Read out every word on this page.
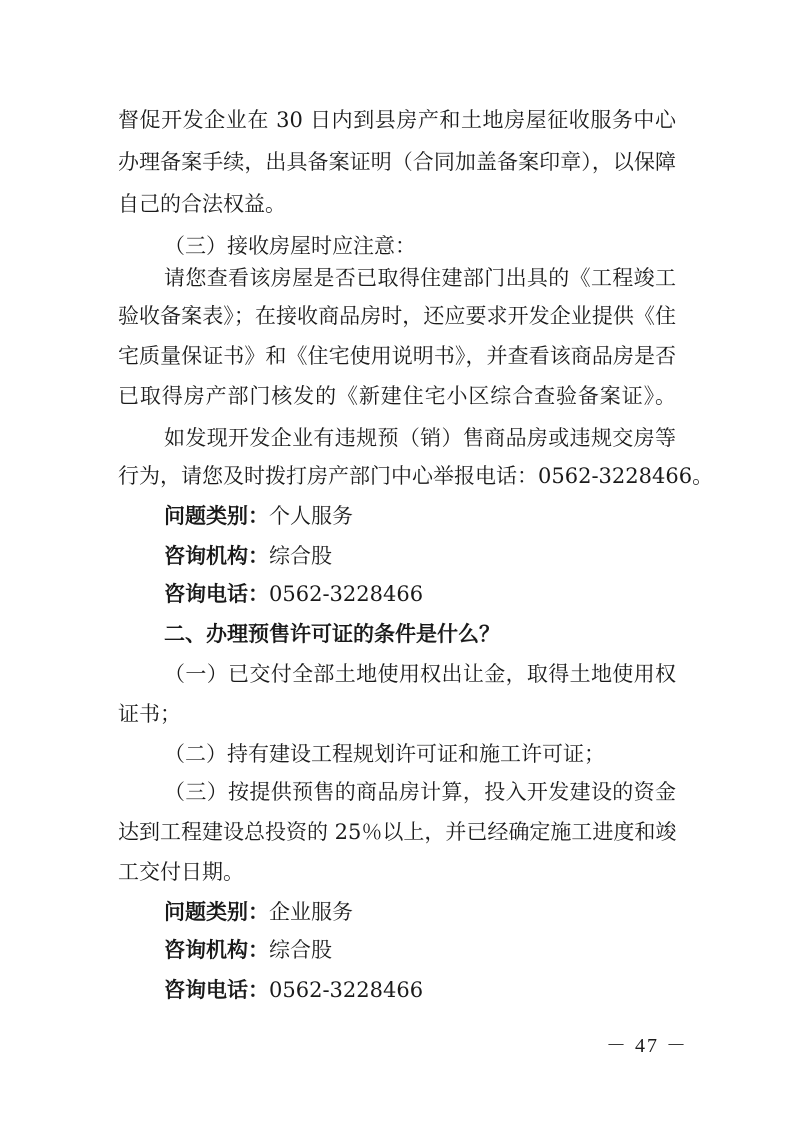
督促开发企业在 30 日内到县房产和土地房屋征收服务中心
办理备案手续，出具备案证明（合同加盖备案印章），以保障
自己的合法权益。
（三）接收房屋时应注意：
请您查看该房屋是否已取得住建部门出具的《工程竣工
验收备案表》；在接收商品房时，还应要求开发企业提供《住
宅质量保证书》和《住宅使用说明书》，并查看该商品房是否
已取得房产部门核发的《新建住宅小区综合查验备案证》。
如发现开发企业有违规预（销）售商品房或违规交房等
行为，请您及时拨打房产部门中心举报电话：0562-3228466。
问题类别：个人服务
咨询机构：综合股
咨询电话：0562-3228466
二、办理预售许可证的条件是什么？
（一）已交付全部土地使用权出让金，取得土地使用权
证书；
（二）持有建设工程规划许可证和施工许可证；
（三）按提供预售的商品房计算，投入开发建设的资金
达到工程建设总投资的 25％以上，并已经确定施工进度和竣
工交付日期。
问题类别：企业服务
咨询机构：综合股
咨询电话：0562-3228466
－ 47 －
